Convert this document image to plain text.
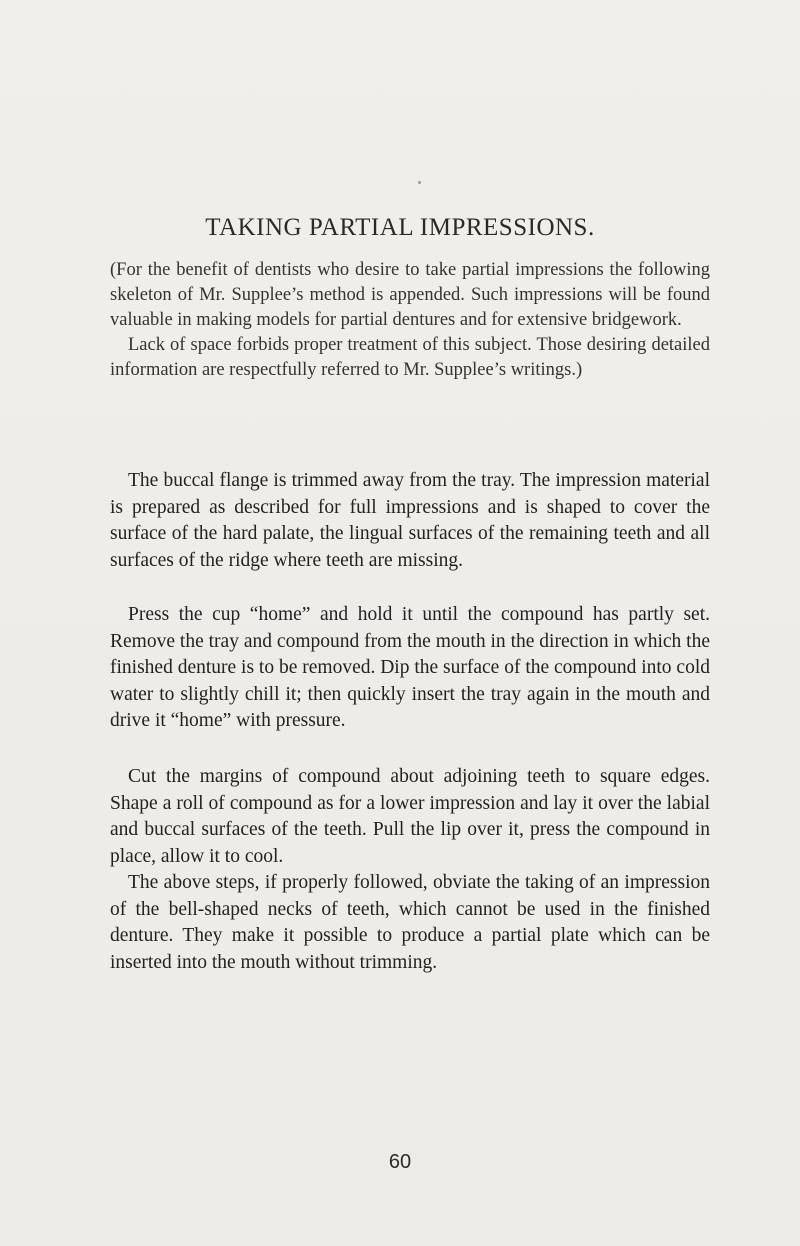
TAKING PARTIAL IMPRESSIONS.

(For the benefit of dentists who desire to take partial impressions the following skeleton of Mr. Supplee’s method is appended. Such impressions will be found valuable in making models for partial dentures and for extensive bridgework.

Lack of space forbids proper treatment of this subject. Those desiring detailed information are respectfully referred to Mr. Supplee’s writings.)

The buccal flange is trimmed away from the tray. The impression material is prepared as described for full impressions and is shaped to cover the surface of the hard palate, the lingual surfaces of the remaining teeth and all surfaces of the ridge where teeth are missing.

Press the cup “home” and hold it until the compound has partly set. Remove the tray and compound from the mouth in the direction in which the finished denture is to be removed. Dip the surface of the compound into cold water to slightly chill it; then quickly insert the tray again in the mouth and drive it “home” with pressure.

Cut the margins of compound about adjoining teeth to square edges. Shape a roll of compound as for a lower impression and lay it over the labial and buccal surfaces of the teeth. Pull the lip over it, press the compound in place, allow it to cool.

The above steps, if properly followed, obviate the taking of an impression of the bell-shaped necks of teeth, which cannot be used in the finished denture. They make it possible to produce a partial plate which can be inserted into the mouth without trimming.

60
